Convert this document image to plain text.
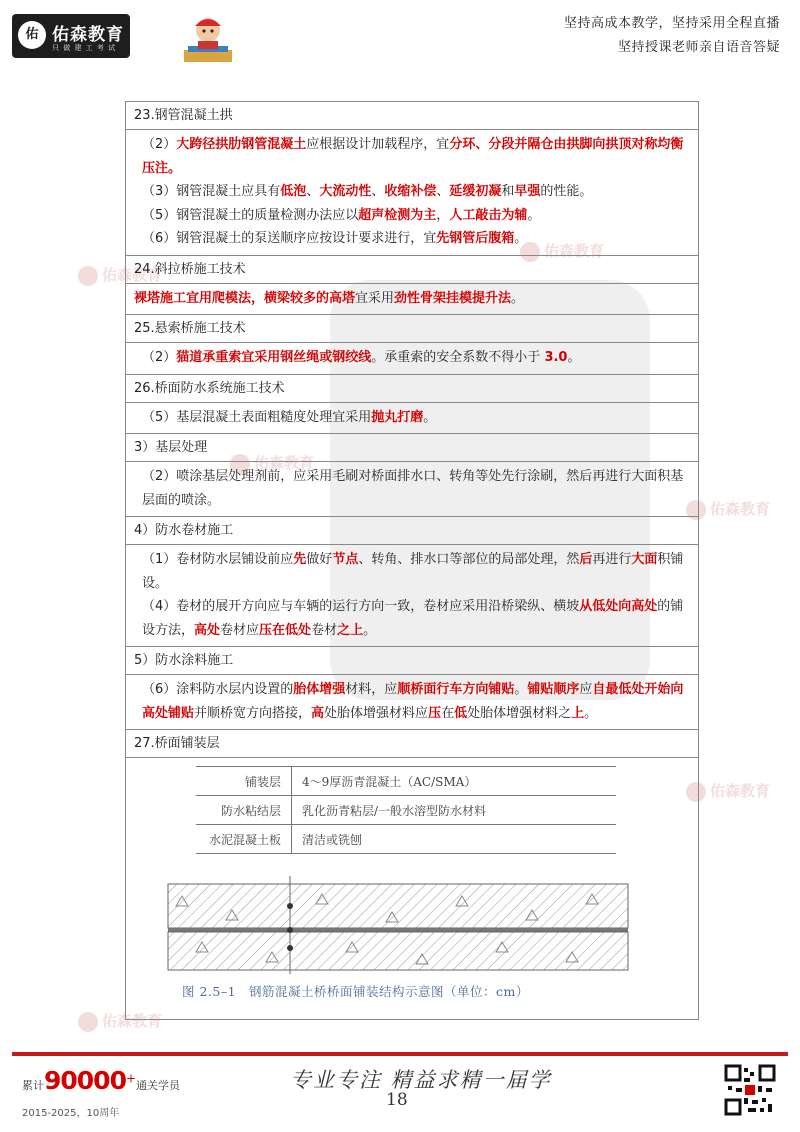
佑 佑森教育
只 做 建 工 考 试
坚持高成本教学，坚持采用全程直播
坚持授课老师亲自语音答疑
佑森教育
佑森教育
佑森教育
佑森教育
佑森教育
佑森教育
23.钢管混凝土拱

（2）大跨径拱肋钢管混凝土应根据设计加载程序，宜分环、分段并隔仓由拱脚向拱顶对称均衡压注。

（3）钢管混凝土应具有低泡、大流动性、收缩补偿、延缓初凝和早强的性能。

（5）钢管混凝土的质量检测办法应以超声检测为主，人工敲击为辅。

（6）钢管混凝土的泵送顺序应按设计要求进行，宜先钢管后腹箱。

24.斜拉桥施工技术

裸塔施工宜用爬模法，横梁较多的高塔宜采用劲性骨架挂模提升法。

25.悬索桥施工技术

（2）猫道承重索宜采用钢丝绳或钢绞线。承重索的安全系数不得小于 3.0。

26.桥面防水系统施工技术

（5）基层混凝土表面粗糙度处理宜采用抛丸打磨。

3）基层处理

（2）喷涂基层处理剂前，应采用毛刷对桥面排水口、转角等处先行涂刷，然后再进行大面积基层面的喷涂。

4）防水卷材施工

（1）卷材防水层铺设前应先做好节点、转角、排水口等部位的局部处理，然后再进行大面积铺设。

（4）卷材的展开方向应与车辆的运行方向一致，卷材应采用沿桥梁纵、横坡从低处向高处的铺设方法，高处卷材应压在低处卷材之上。

5）防水涂料施工

（6）涂料防水层内设置的胎体增强材料，应顺桥面行车方向铺贴。铺贴顺序应自最低处开始向高处铺贴并顺桥宽方向搭接，高处胎体增强材料应压在低处胎体增强材料之上。

27.桥面铺装层
铺装层	4～9厚沥青混凝土（AC/SMA）
防水粘结层	乳化沥青粘层/一般水溶型防水材料
水泥混凝土板	清洁或铣刨
图 2.5–1　钢筋混凝土桥桥面铺装结构示意图（单位：cm）
累计90000+通关学员
2015-2025，10周年
专业专注 精益求精一届学
18
